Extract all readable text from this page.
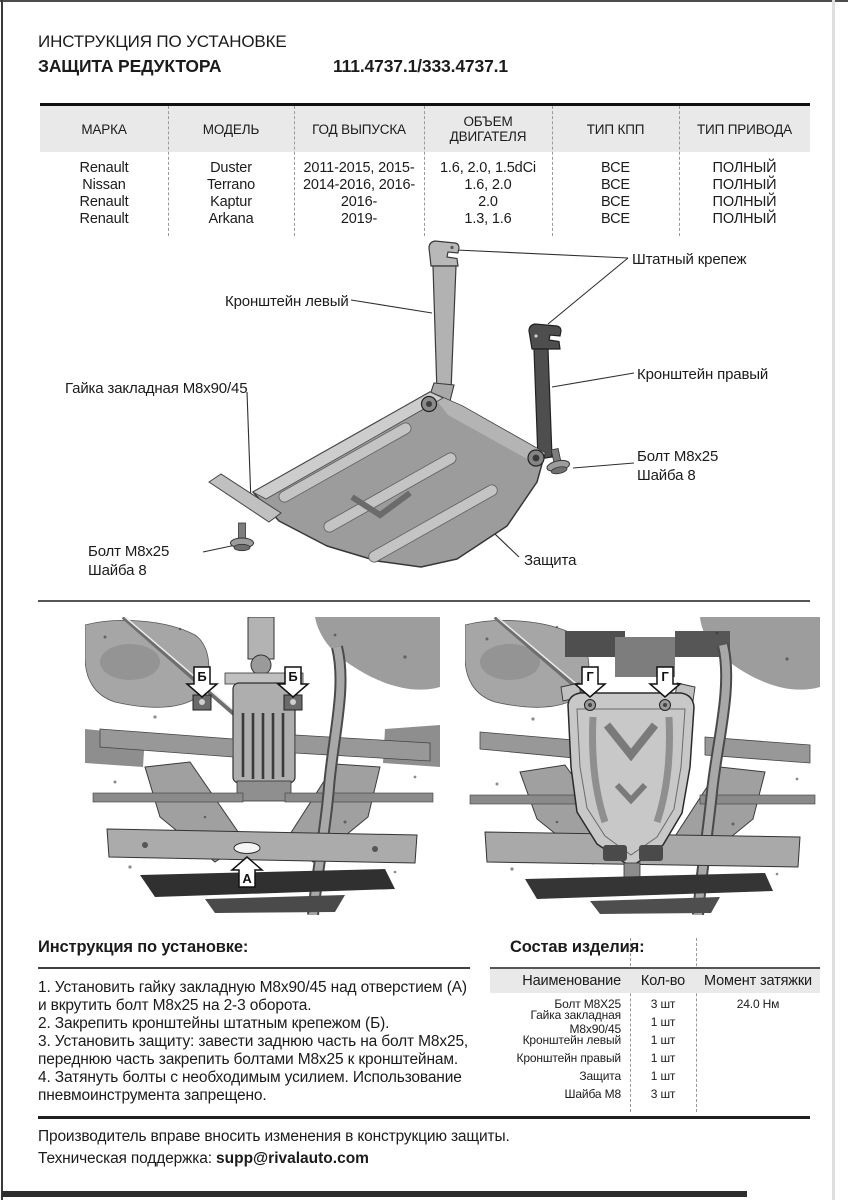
ИНСТРУКЦИЯ ПО УСТАНОВКЕ
ЗАЩИТА РЕДУКТОРА	111.4737.1/333.4737.1
МАРКА	МОДЕЛЬ	ГОД ВЫПУСКА	ОБЪЕМ ДВИГАТЕЛЯ	ТИП КПП	ТИП ПРИВОДА
Renault	Duster	2011-2015, 2015-	1.6, 2.0, 1.5dCi	ВСЕ	ПОЛНЫЙ
Nissan	Terrano	2014-2016, 2016-	1.6, 2.0	ВСЕ	ПОЛНЫЙ
Renault	Kaptur	2016-	2.0	ВСЕ	ПОЛНЫЙ
Renault	Arkana	2019-	1.3, 1.6	ВСЕ	ПОЛНЫЙ
Штатный крепеж
Кронштейн левый
Кронштейн правый
Гайка закладная М8х90/45
Болт М8х25
Шайба 8
Болт М8х25
Шайба 8
Защита
Б	Б
А
Г	Г
Инструкция по установке:

1. Установить гайку закладную М8х90/45 над отверстием (А) и вкрутить болт М8х25 на 2-3 оборота.

2. Закрепить кронштейны штатным крепежом (Б).

3. Установить защиту: завести заднюю часть на болт М8х25, переднюю часть закрепить болтами М8х25 к кронштейнам.

4. Затянуть болты с необходимым усилием. Использование пневмоинструмента запрещено.

Состав изделия:
Наименование	Кол-во	Момент затяжки
Болт М8Х25	3 шт	24.0 Нм
Гайка закладная М8х90/45	1 шт
Кронштейн левый	1 шт
Кронштейн правый	1 шт
Защита	1 шт
Шайба М8	3 шт
Производитель вправе вносить изменения в конструкцию защиты.
Техническая поддержка: supp@rivalauto.com
